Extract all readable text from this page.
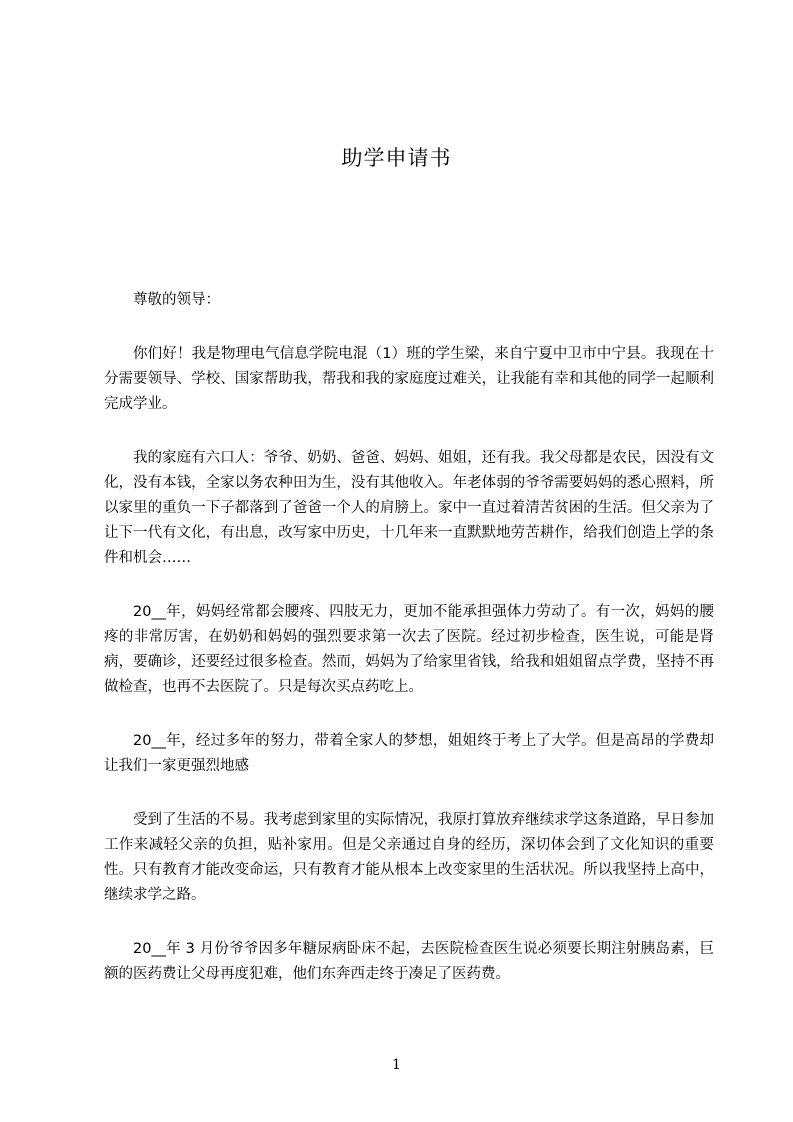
助学申请书

尊敬的领导：

你们好！我是物理电气信息学院电混（1）班的学生梁，来自宁夏中卫市中宁县。我现在十分需要领导、学校、国家帮助我，帮我和我的家庭度过难关，让我能有幸和其他的同学一起顺利完成学业。

我的家庭有六口人：爷爷、奶奶、爸爸、妈妈、姐姐，还有我。我父母都是农民，因没有文化，没有本钱，全家以务农种田为生，没有其他收入。年老体弱的爷爷需要妈妈的悉心照料，所以家里的重负一下子都落到了爸爸一个人的肩膀上。家中一直过着清苦贫困的生活。但父亲为了让下一代有文化，有出息，改写家中历史，十几年来一直默默地劳苦耕作，给我们创造上学的条件和机会……

20__年，妈妈经常都会腰疼、四肢无力，更加不能承担强体力劳动了。有一次，妈妈的腰疼的非常厉害，在奶奶和妈妈的强烈要求第一次去了医院。经过初步检查，医生说，可能是肾病，要确诊，还要经过很多检查。然而，妈妈为了给家里省钱，给我和姐姐留点学费，坚持不再做检查，也再不去医院了。只是每次买点药吃上。

20__年，经过多年的努力，带着全家人的梦想，姐姐终于考上了大学。但是高昂的学费却让我们一家更强烈地感

受到了生活的不易。我考虑到家里的实际情况，我原打算放弃继续求学这条道路，早日参加工作来减轻父亲的负担，贴补家用。但是父亲通过自身的经历，深切体会到了文化知识的重要性。只有教育才能改变命运，只有教育才能从根本上改变家里的生活状况。所以我坚持上高中，继续求学之路。

20__年 3 月份爷爷因多年糖尿病卧床不起，去医院检查医生说必须要长期注射胰岛素，巨额的医药费让父母再度犯难，他们东奔西走终于凑足了医药费。

1
